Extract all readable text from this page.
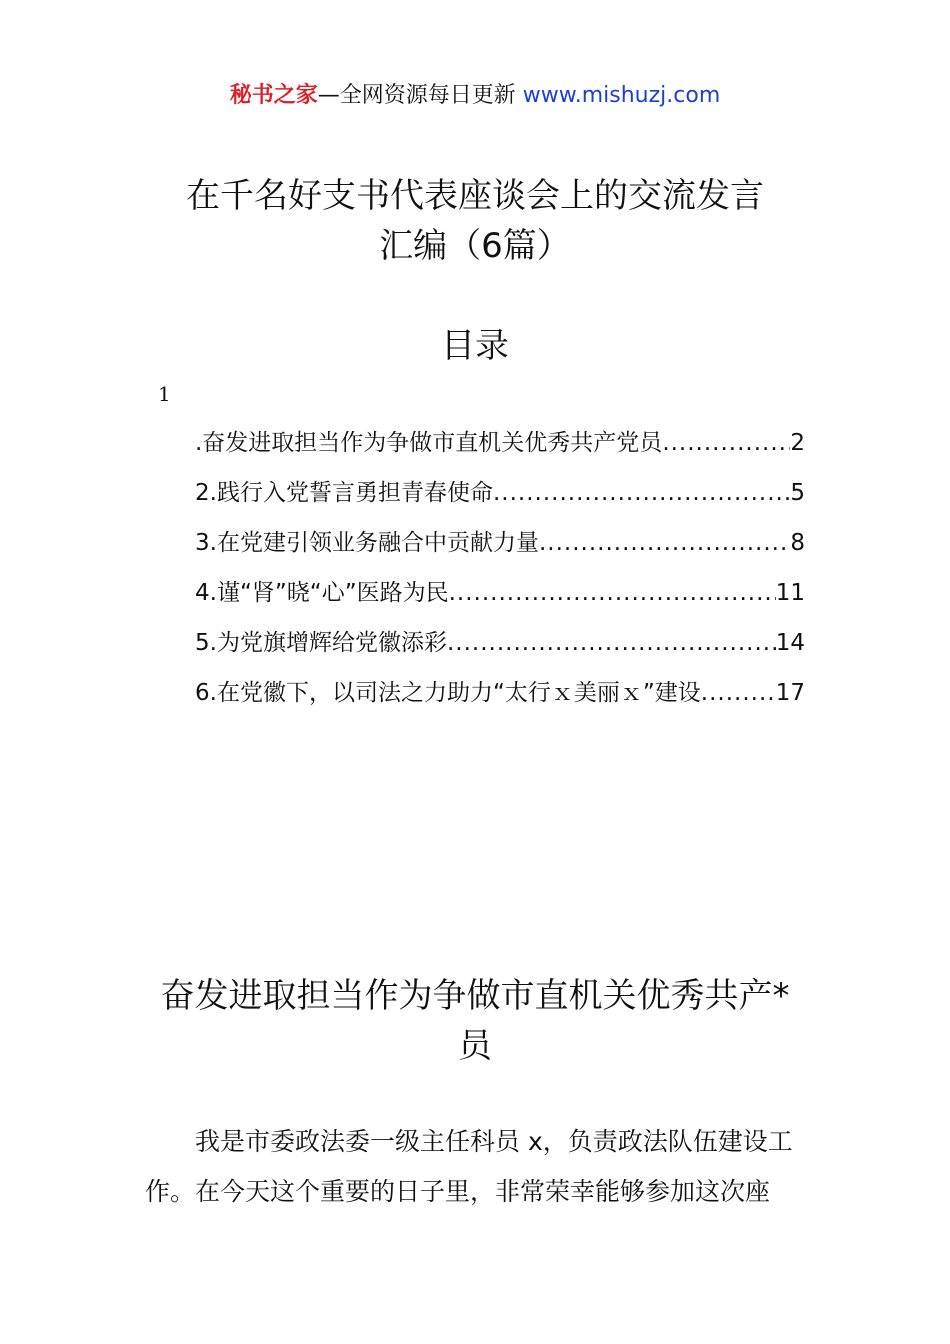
秘书之家—全网资源每日更新 www.mishuzj.com
在千名好支书代表座谈会上的交流发言
汇编（6篇）
目录
1
.奋发进取担当作为争做市直机关优秀共产党员 .....	2
2.践行入党誓言勇担青春使命 .....	5
3.在党建引领业务融合中贡献力量 .....	8
4.谨“肾”晓“心”医路为民 .....	11
5.为党旗增辉给党徽添彩 .....	14
6.在党徽下，以司法之力助力“太行ｘ美丽ｘ”建设 .....	17
奋发进取担当作为争做市直机关优秀共产*
员
我是市委政法委一级主任科员 x，负责政法队伍建设工
作。在今天这个重要的日子里，非常荣幸能够参加这次座
